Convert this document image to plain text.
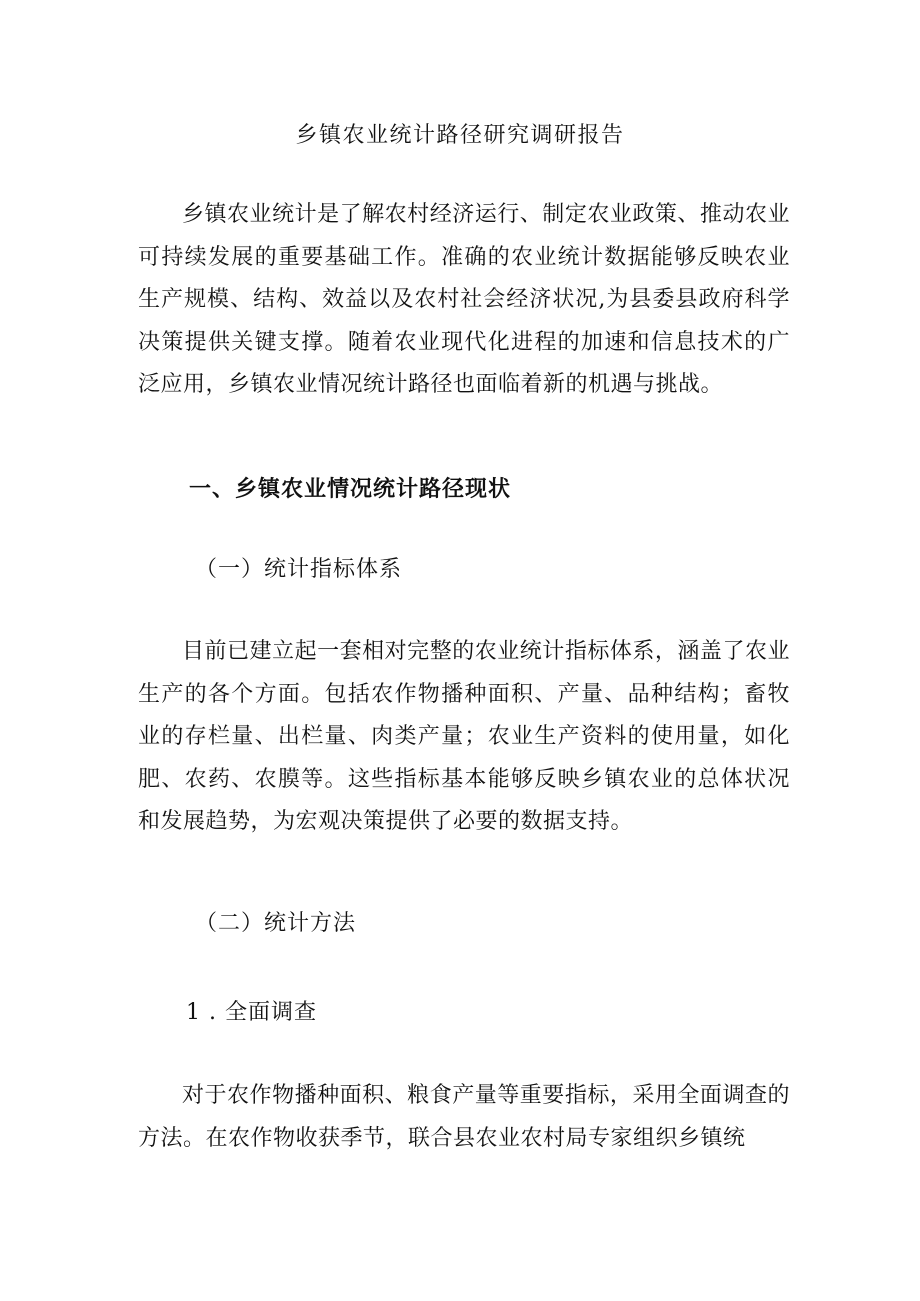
乡镇农业统计路径研究调研报告

乡镇农业统计是了解农村经济运行、制定农业政策、推动农业可持续发展的重要基础工作。准确的农业统计数据能够反映农业生产规模、结构、效益以及农村社会经济状况,为县委县政府科学决策提供关键支撑。随着农业现代化进程的加速和信息技术的广泛应用，乡镇农业情况统计路径也面临着新的机遇与挑战。

一、乡镇农业情况统计路径现状
（一）统计指标体系

目前已建立起一套相对完整的农业统计指标体系，涵盖了农业生产的各个方面。包括农作物播种面积、产量、品种结构；畜牧业的存栏量、出栏量、肉类产量；农业生产资料的使用量，如化肥、农药、农膜等。这些指标基本能够反映乡镇农业的总体状况和发展趋势，为宏观决策提供了必要的数据支持。

（二）统计方法
1 . 全面调查

对于农作物播种面积、粮食产量等重要指标，采用全面调查的方法。在农作物收获季节，联合县农业农村局专家组织乡镇统
